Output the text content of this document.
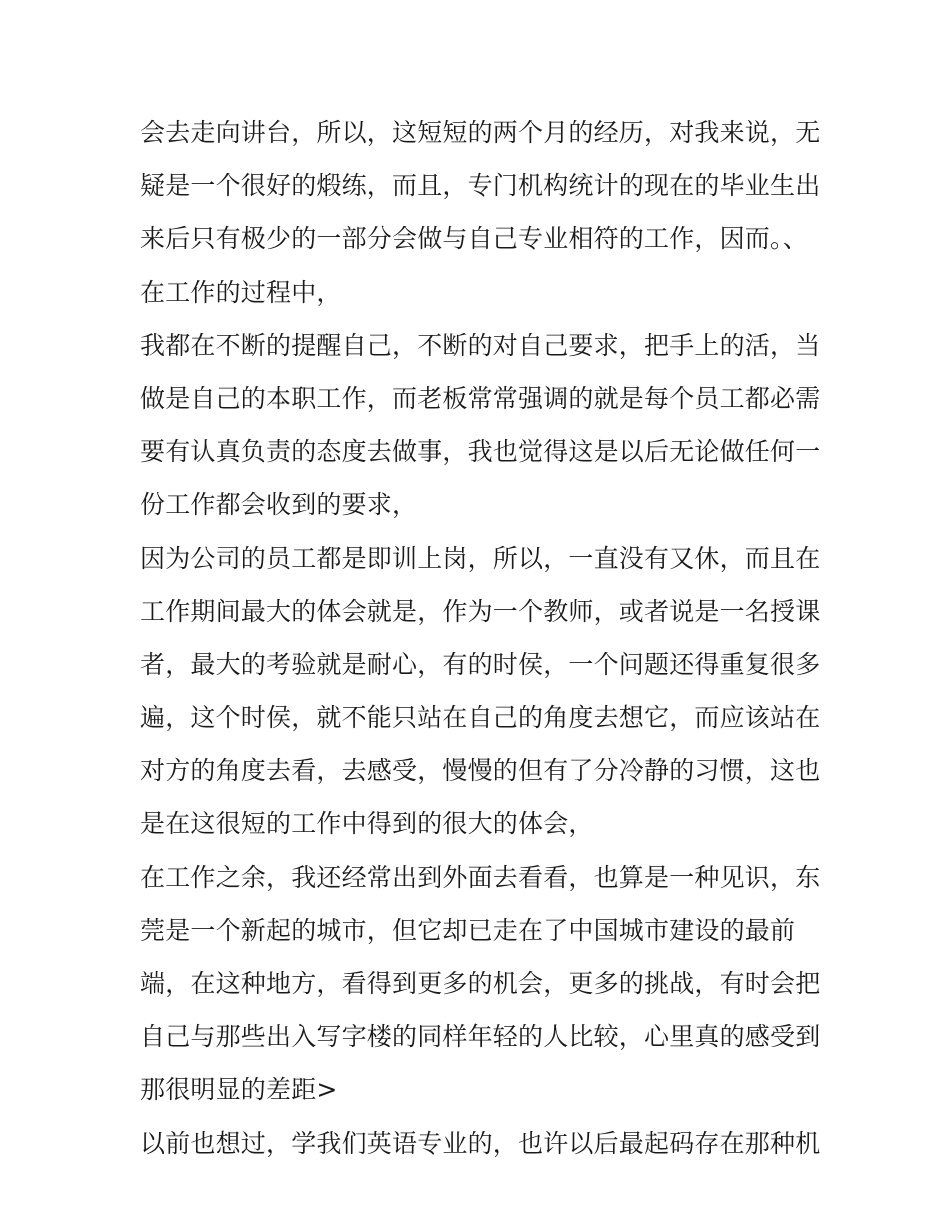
会去走向讲台，所以，这短短的两个月的经历，对我来说，无
疑是一个很好的煅练，而且，专门机构统计的现在的毕业生出
来后只有极少的一部分会做与自己专业相符的工作，因而。、
在工作的过程中，
我都在不断的提醒自己，不断的对自己要求，把手上的活，当
做是自己的本职工作，而老板常常强调的就是每个员工都必需
要有认真负责的态度去做事，我也觉得这是以后无论做任何一
份工作都会收到的要求，
因为公司的员工都是即训上岗，所以，一直没有又休，而且在
工作期间最大的体会就是，作为一个教师，或者说是一名授课
者，最大的考验就是耐心，有的时侯，一个问题还得重复很多
遍，这个时侯，就不能只站在自己的角度去想它，而应该站在
对方的角度去看，去感受，慢慢的但有了分冷静的习惯，这也
是在这很短的工作中得到的很大的体会，
在工作之余，我还经常出到外面去看看，也算是一种见识，东
莞是一个新起的城市，但它却已走在了中国城市建设的最前
端，在这种地方，看得到更多的机会，更多的挑战，有时会把
自己与那些出入写字楼的同样年轻的人比较，心里真的感受到
那很明显的差距>
以前也想过，学我们英语专业的，也许以后最起码存在那种机
